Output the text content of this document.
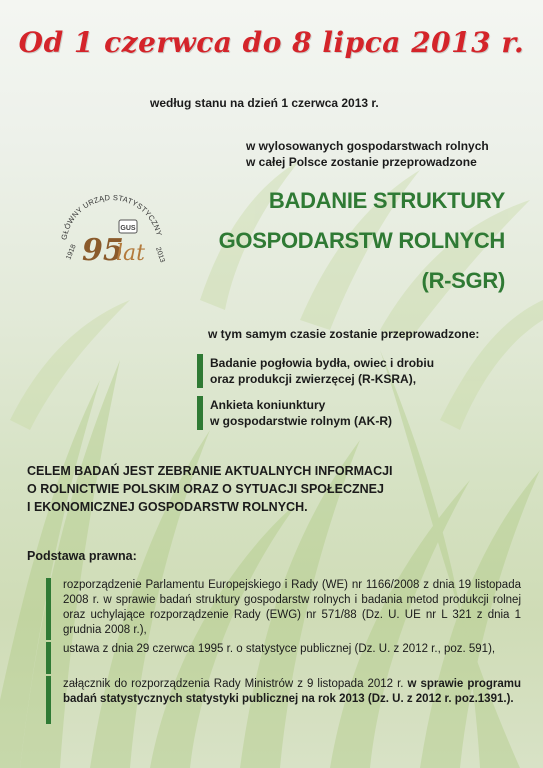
Od 1 czerwca do 8 lipca 2013 r.
według stanu na dzień 1 czerwca 2013 r.
w wylosowanych gospodarstwach rolnych
w całej Polsce zostanie przeprowadzone
GŁÓWNY URZĄD STATYSTYCZNY
1918	2013
GUS
95
lat
BADANIE STRUKTURY
GOSPODARSTW ROLNYCH
(R-SGR)
w tym samym czasie zostanie przeprowadzone:
Badanie pogłowia bydła, owiec i drobiu
oraz produkcji zwierzęcej (R-KSRA),
Ankieta koniunktury
w gospodarstwie rolnym (AK-R)
CELEM BADAŃ JEST ZEBRANIE AKTUALNYCH INFORMACJI
O ROLNICTWIE POLSKIM ORAZ O SYTUACJI SPOŁECZNEJ
I EKONOMICZNEJ GOSPODARSTW ROLNYCH.
Podstawa prawna:
rozporządzenie Parlamentu Europejskiego i Rady (WE) nr 1166/2008 z dnia 19 listopada 2008 r. w sprawie badań struktury gospodarstw rolnych i badania metod produkcji rolnej oraz uchylające rozporządzenie Rady (EWG) nr 571/88 (Dz. U. UE nr L 321 z dnia 1 grudnia 2008 r.),
ustawa z dnia 29 czerwca 1995 r. o statystyce publicznej (Dz. U. z 2012 r., poz. 591),
załącznik do rozporządzenia Rady Ministrów z 9 listopada 2012 r. w sprawie programu badań statystycznych statystyki publicznej na rok 2013 (Dz. U. z 2012 r. poz.1391.).
